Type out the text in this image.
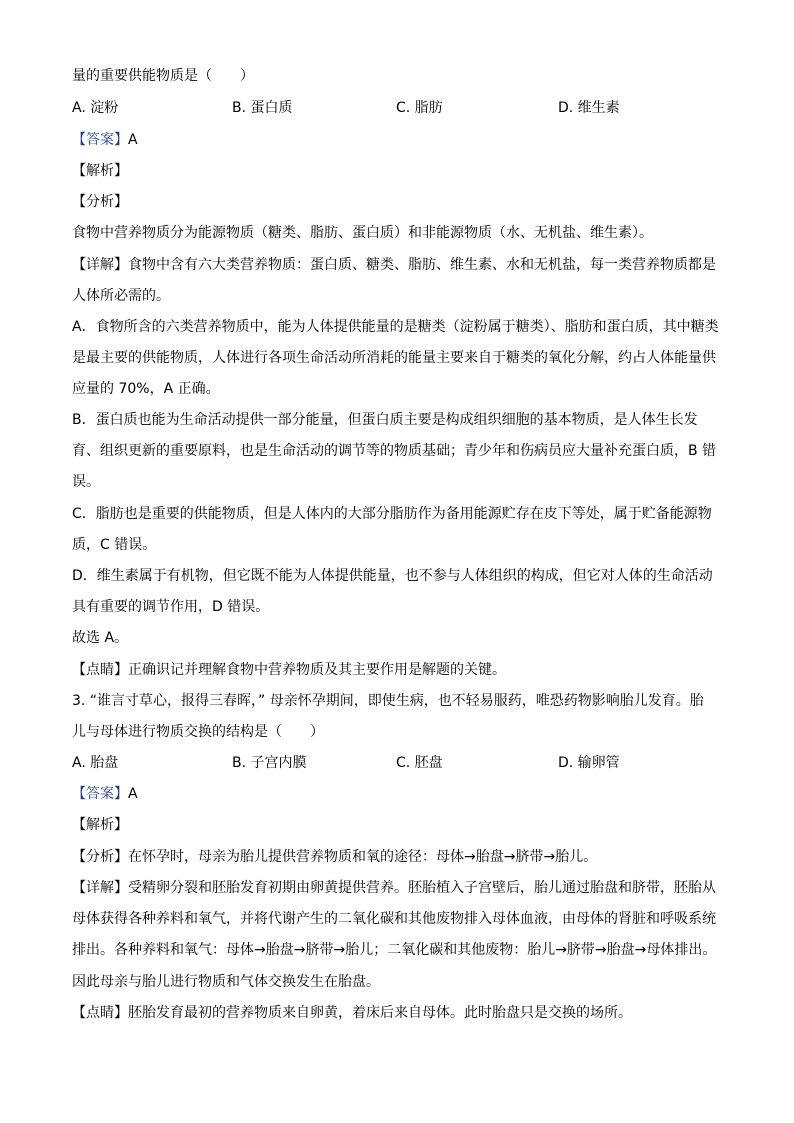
量的重要供能物质是（　　）
A. 淀粉	B. 蛋白质	C. 脂肪	D. 维生素
【答案】A
【解析】
【分析】
食物中营养物质分为能源物质（糖类、脂肪、蛋白质）和非能源物质（水、无机盐、维生素）。
【详解】食物中含有六大类营养物质：蛋白质、糖类、脂肪、维生素、水和无机盐，每一类营养物质都是
人体所必需的。
A．食物所含的六类营养物质中，能为人体提供能量的是糖类（淀粉属于糖类）、脂肪和蛋白质，其中糖类
是最主要的供能物质，人体进行各项生命活动所消耗的能量主要来自于糖类的氧化分解，约占人体能量供
应量的 70%，A 正确。
B．蛋白质也能为生命活动提供一部分能量，但蛋白质主要是构成组织细胞的基本物质，是人体生长发
育、组织更新的重要原料，也是生命活动的调节等的物质基础；青少年和伤病员应大量补充蛋白质，B 错
误。
C．脂肪也是重要的供能物质，但是人体内的大部分脂肪作为备用能源贮存在皮下等处，属于贮备能源物
质，C 错误。
D．维生素属于有机物，但它既不能为人体提供能量，也不参与人体组织的构成，但它对人体的生命活动
具有重要的调节作用，D 错误。
故选 A。
【点睛】正确识记并理解食物中营养物质及其主要作用是解题的关键。
3. “谁言寸草心，报得三春晖，” 母亲怀孕期间，即使生病，也不轻易服药，唯恐药物影响胎儿发育。胎
儿与母体进行物质交换的结构是（　　）
A. 胎盘	B. 子宫内膜	C. 胚盘	D. 输卵管
【答案】A
【解析】
【分析】在怀孕时，母亲为胎儿提供营养物质和氧的途径：母体→胎盘→脐带→胎儿。
【详解】受精卵分裂和胚胎发育初期由卵黄提供营养。胚胎植入子宫壁后，胎儿通过胎盘和脐带，胚胎从
母体获得各种养料和氧气，并将代谢产生的二氧化碳和其他废物排入母体血液，由母体的肾脏和呼吸系统
排出。各种养料和氧气：母体→胎盘→脐带→胎儿；二氧化碳和其他废物：胎儿→脐带→胎盘→母体排出。
因此母亲与胎儿进行物质和气体交换发生在胎盘。
【点睛】胚胎发育最初的营养物质来自卵黄，着床后来自母体。此时胎盘只是交换的场所。
